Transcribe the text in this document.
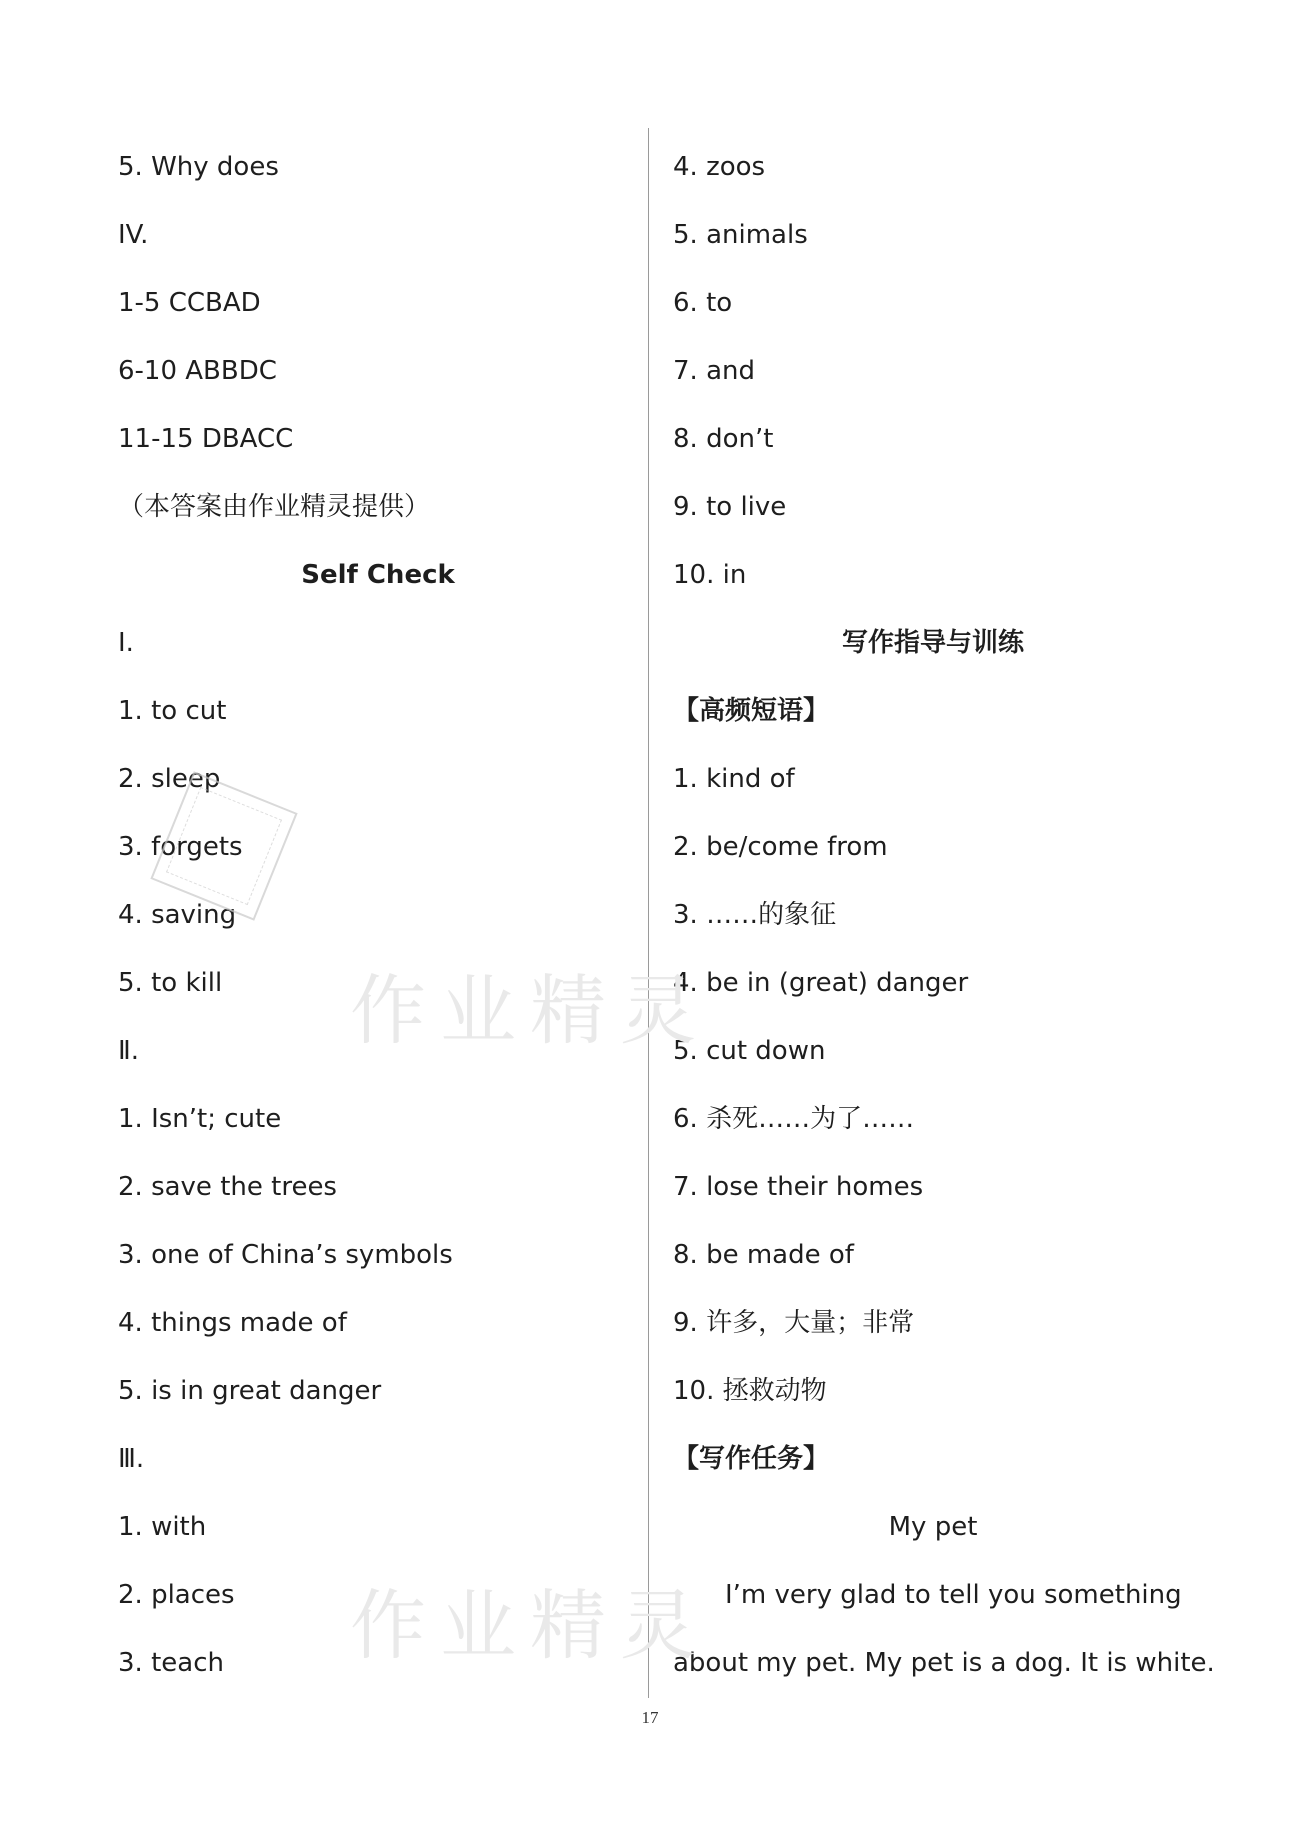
5. Why does
IV.
1-5 CCBAD
6-10 ABBDC
11-15 DBACC
（本答案由作业精灵提供）
Self Check
Ⅰ.
1. to cut
2. sleep
3. forgets
4. saving
5. to kill
Ⅱ.
1. Isn’t; cute
2. save the trees
3. one of China’s symbols
4. things made of
5. is in great danger
Ⅲ.
1. with
2. places
3. teach
4. zoos
5. animals
6. to
7. and
8. don’t
9. to live
10. in
写作指导与训练
【高频短语】
1. kind of
2. be/come from
3. ……的象征
4. be in (great) danger
5. cut down
6. 杀死……为了……
7. lose their homes
8. be made of
9. 许多，大量；非常
10. 拯救动物
【写作任务】
My pet
I’m very glad to tell you something
about my pet. My pet is a dog. It is white.
作业精灵
作业精灵
17
